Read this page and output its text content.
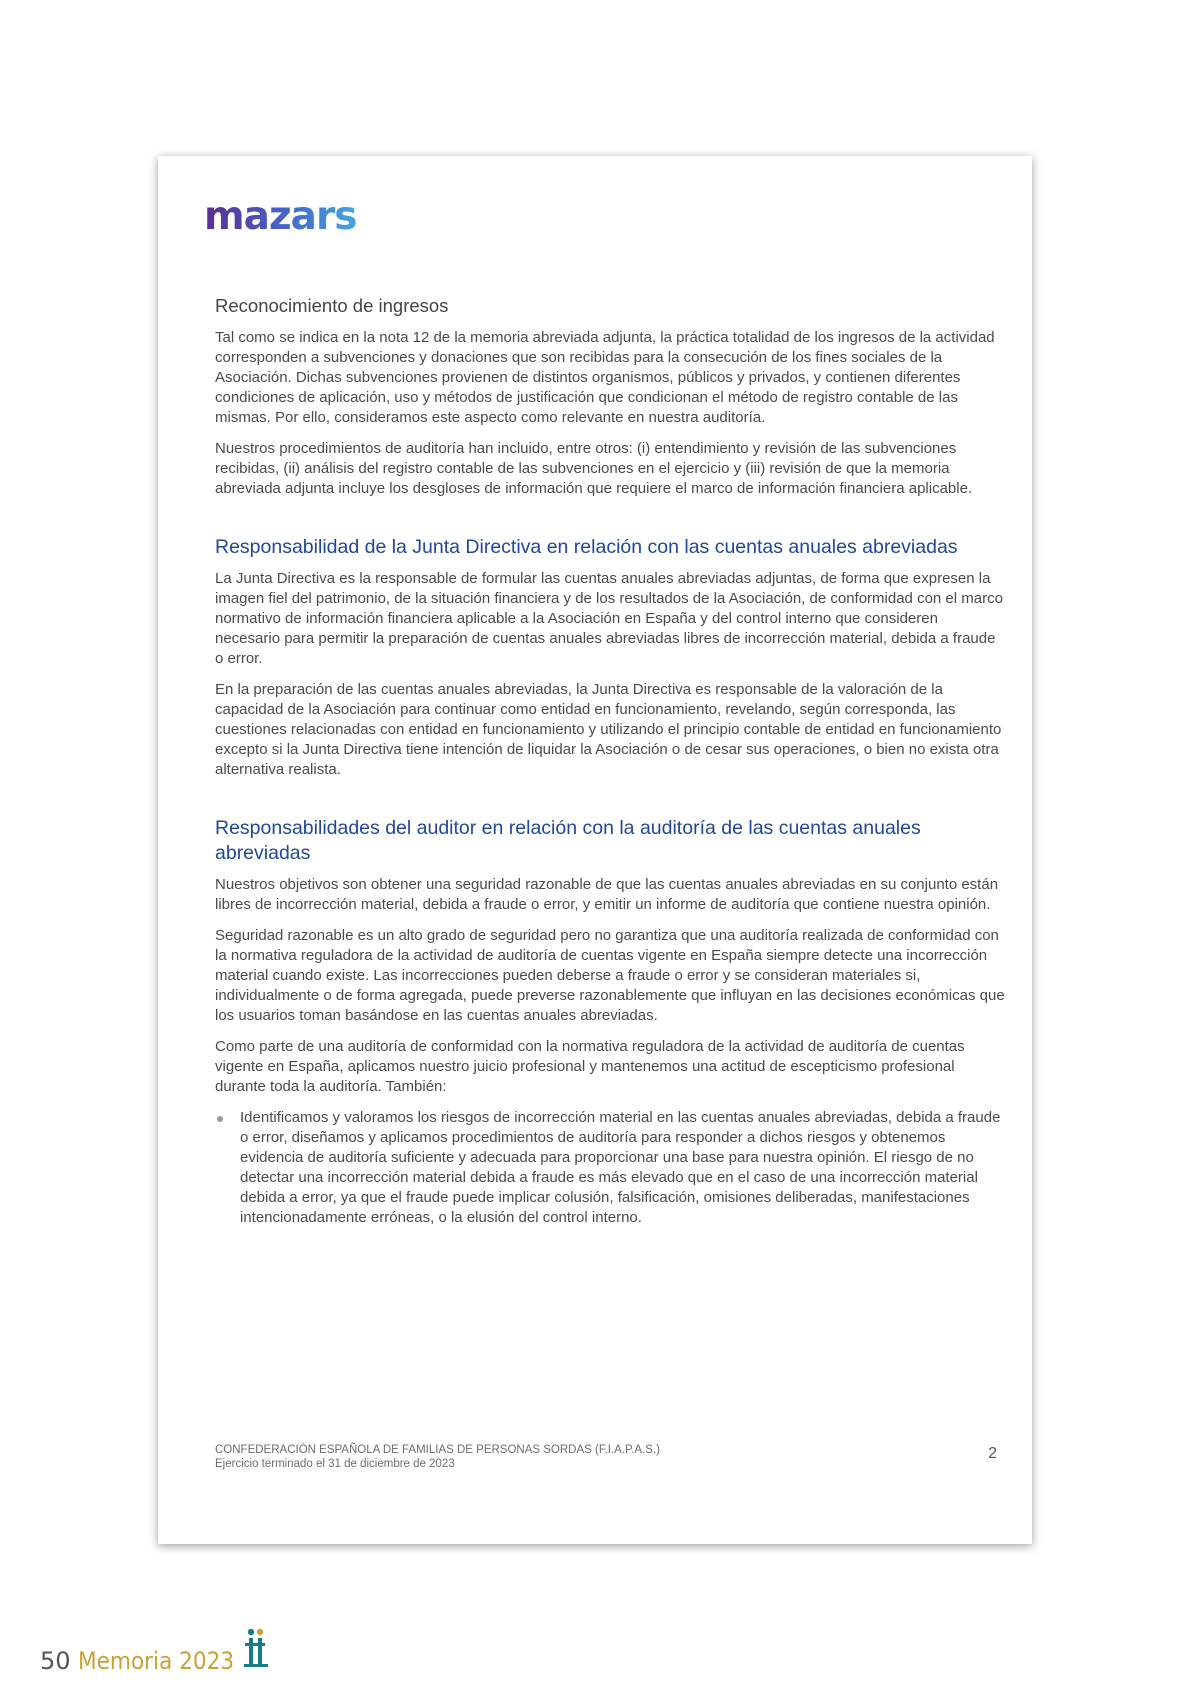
mazars
Reconocimiento de ingresos

Tal como se indica en la nota 12 de la memoria abreviada adjunta, la práctica totalidad de los ingresos de la actividad corresponden a subvenciones y donaciones que son recibidas para la consecución de los fines sociales de la Asociación. Dichas subvenciones provienen de distintos organismos, públicos y privados, y contienen diferentes condiciones de aplicación, uso y métodos de justificación que condicionan el método de registro contable de las mismas. Por ello, consideramos este aspecto como relevante en nuestra auditoría.

Nuestros procedimientos de auditoría han incluido, entre otros: (i) entendimiento y revisión de las subvenciones recibidas, (ii) análisis del registro contable de las subvenciones en el ejercicio y (iii) revisión de que la memoria abreviada adjunta incluye los desgloses de información que requiere el marco de información financiera aplicable.

Responsabilidad de la Junta Directiva en relación con las cuentas anuales abreviadas

La Junta Directiva es la responsable de formular las cuentas anuales abreviadas adjuntas, de forma que expresen la imagen fiel del patrimonio, de la situación financiera y de los resultados de la Asociación, de conformidad con el marco normativo de información financiera aplicable a la Asociación en España y del control interno que consideren necesario para permitir la preparación de cuentas anuales abreviadas libres de incorrección material, debida a fraude o error.

En la preparación de las cuentas anuales abreviadas, la Junta Directiva es responsable de la valoración de la capacidad de la Asociación para continuar como entidad en funcionamiento, revelando, según corresponda, las cuestiones relacionadas con entidad en funcionamiento y utilizando el principio contable de entidad en funcionamiento excepto si la Junta Directiva tiene intención de liquidar la Asociación o de cesar sus operaciones, o bien no exista otra alternativa realista.

Responsabilidades del auditor en relación con la auditoría de las cuentas anuales abreviadas

Nuestros objetivos son obtener una seguridad razonable de que las cuentas anuales abreviadas en su conjunto están libres de incorrección material, debida a fraude o error, y emitir un informe de auditoría que contiene nuestra opinión.

Seguridad razonable es un alto grado de seguridad pero no garantiza que una auditoría realizada de conformidad con la normativa reguladora de la actividad de auditoría de cuentas vigente en España siempre detecte una incorrección material cuando existe. Las incorrecciones pueden deberse a fraude o error y se consideran materiales si, individualmente o de forma agregada, puede preverse razonablemente que influyan en las decisiones económicas que los usuarios toman basándose en las cuentas anuales abreviadas.

Como parte de una auditoría de conformidad con la normativa reguladora de la actividad de auditoría de cuentas vigente en España, aplicamos nuestro juicio profesional y mantenemos una actitud de escepticismo profesional durante toda la auditoría. También:

Identificamos y valoramos los riesgos de incorrección material en las cuentas anuales abreviadas, debida a fraude o error, diseñamos y aplicamos procedimientos de auditoría para responder a dichos riesgos y obtenemos evidencia de auditoría suficiente y adecuada para proporcionar una base para nuestra opinión. El riesgo de no detectar una incorrección material debida a fraude es más elevado que en el caso de una incorrección material debida a error, ya que el fraude puede implicar colusión, falsificación, omisiones deliberadas, manifestaciones intencionadamente erróneas, o la elusión del control interno.
CONFEDERACIÓN ESPAÑOLA DE FAMILIAS DE PERSONAS SORDAS (F.I.A.P.A.S.)
Ejercicio terminado el 31 de diciembre de 2023
2
50 Memoria 2023
